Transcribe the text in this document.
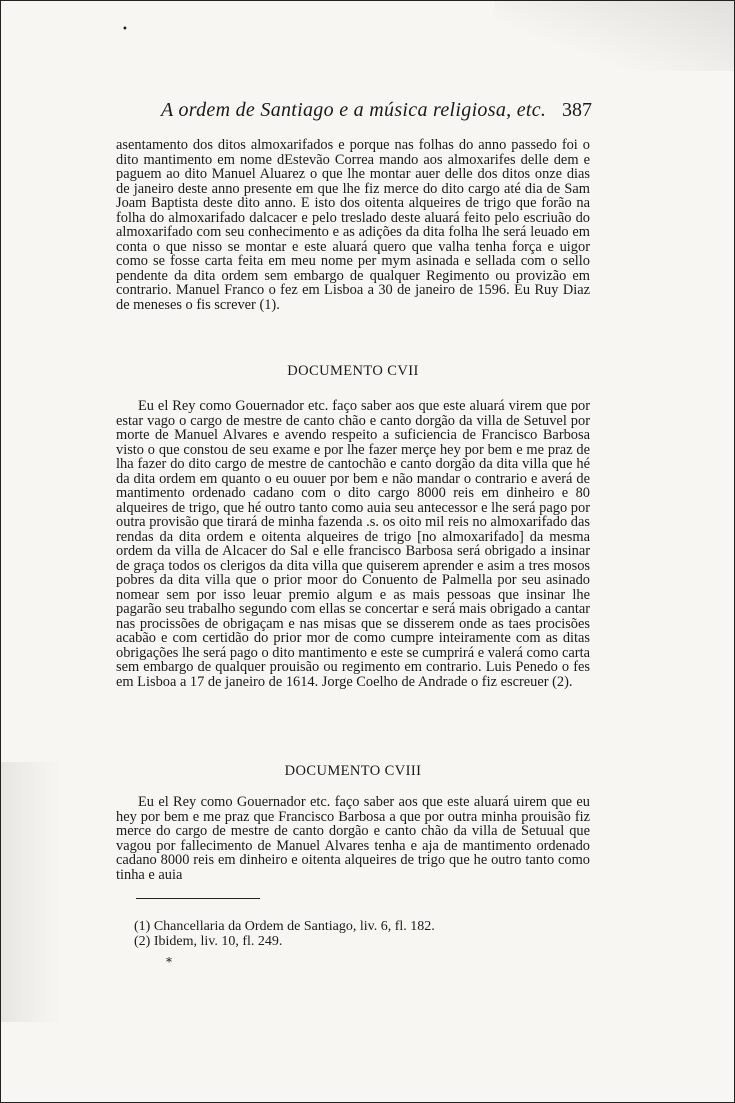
•
A ordem de Santiago e a música religiosa, etc. 387

asentamento dos ditos almoxarifados e porque nas folhas do anno passedo foi o dito mantimento em nome dEstevão Correa mando aos almoxarifes delle dem e paguem ao dito Manuel Aluarez o que lhe montar auer delle dos ditos onze dias de janeiro deste anno presente em que lhe fiz merce do dito cargo até dia de Sam Joam Baptista deste dito anno. E isto dos oitenta alqueires de trigo que forão na folha do almoxarifado dalcacer e pelo treslado deste aluará feito pelo escriuão do almoxarifado com seu conhecimento e as adições da dita folha lhe será leuado em conta o que nisso se montar e este aluará quero que valha tenha força e uigor como se fosse carta feita em meu nome per mym asinada e sellada com o sello pendente da dita ordem sem embargo de qualquer Regimento ou provizão em contrario. Manuel Franco o fez em Lisboa a 30 de janeiro de 1596. Eu Ruy Diaz de meneses o fis screver (1).

DOCUMENTO CVII

Eu el Rey como Gouernador etc. faço saber aos que este aluará virem que por estar vago o cargo de mestre de canto chão e canto dorgão da villa de Setuvel por morte de Manuel Alvares e avendo respeito a suficiencia de Francisco Barbosa visto o que constou de seu exame e por lhe fazer merçe hey por bem e me praz de lha fazer do dito cargo de mestre de cantochão e canto dorgão da dita villa que hé da dita ordem em quanto o eu ouuer por bem e não mandar o contrario e averá de mantimento ordenado cadano com o dito cargo 8000 reis em dinheiro e 80 alqueires de trigo, que hé outro tanto como auia seu antecessor e lhe será pago por outra provisão que tirará de minha fazenda .s. os oito mil reis no almoxarifado das rendas da dita ordem e oitenta alqueires de trigo [no almoxarifado] da mesma ordem da villa de Alcacer do Sal e elle francisco Barbosa será obrigado a insinar de graça todos os clerigos da dita villa que quiserem aprender e asim a tres mosos pobres da dita villa que o prior moor do Conuento de Palmella por seu asinado nomear sem por isso leuar premio algum e as mais pessoas que insinar lhe pagarão seu trabalho segundo com ellas se concertar e será mais obrigado a cantar nas procissões de obrigaçam e nas misas que se disserem onde as taes procisões acabão e com certidão do prior mor de como cumpre inteiramente com as ditas obrigações lhe será pago o dito mantimento e este se cumprirá e valerá como carta sem embargo de qualquer prouisão ou regimento em contrario. Luis Penedo o fes em Lisboa a 17 de janeiro de 1614. Jorge Coelho de Andrade o fiz escreuer (2).

DOCUMENTO CVIII

Eu el Rey como Gouernador etc. faço saber aos que este aluará uirem que eu hey por bem e me praz que Francisco Barbosa a que por outra minha prouisão fiz merce do cargo de mestre de canto dorgão e canto chão da villa de Setuual que vagou por fallecimento de Manuel Alvares tenha e aja de mantimento ordenado cadano 8000 reis em dinheiro e oitenta alqueires de trigo que he outro tanto como tinha e auia

(1) Chancellaria da Ordem de Santiago, liv. 6, fl. 182.
(2) Ibidem, liv. 10, fl. 249.
*
